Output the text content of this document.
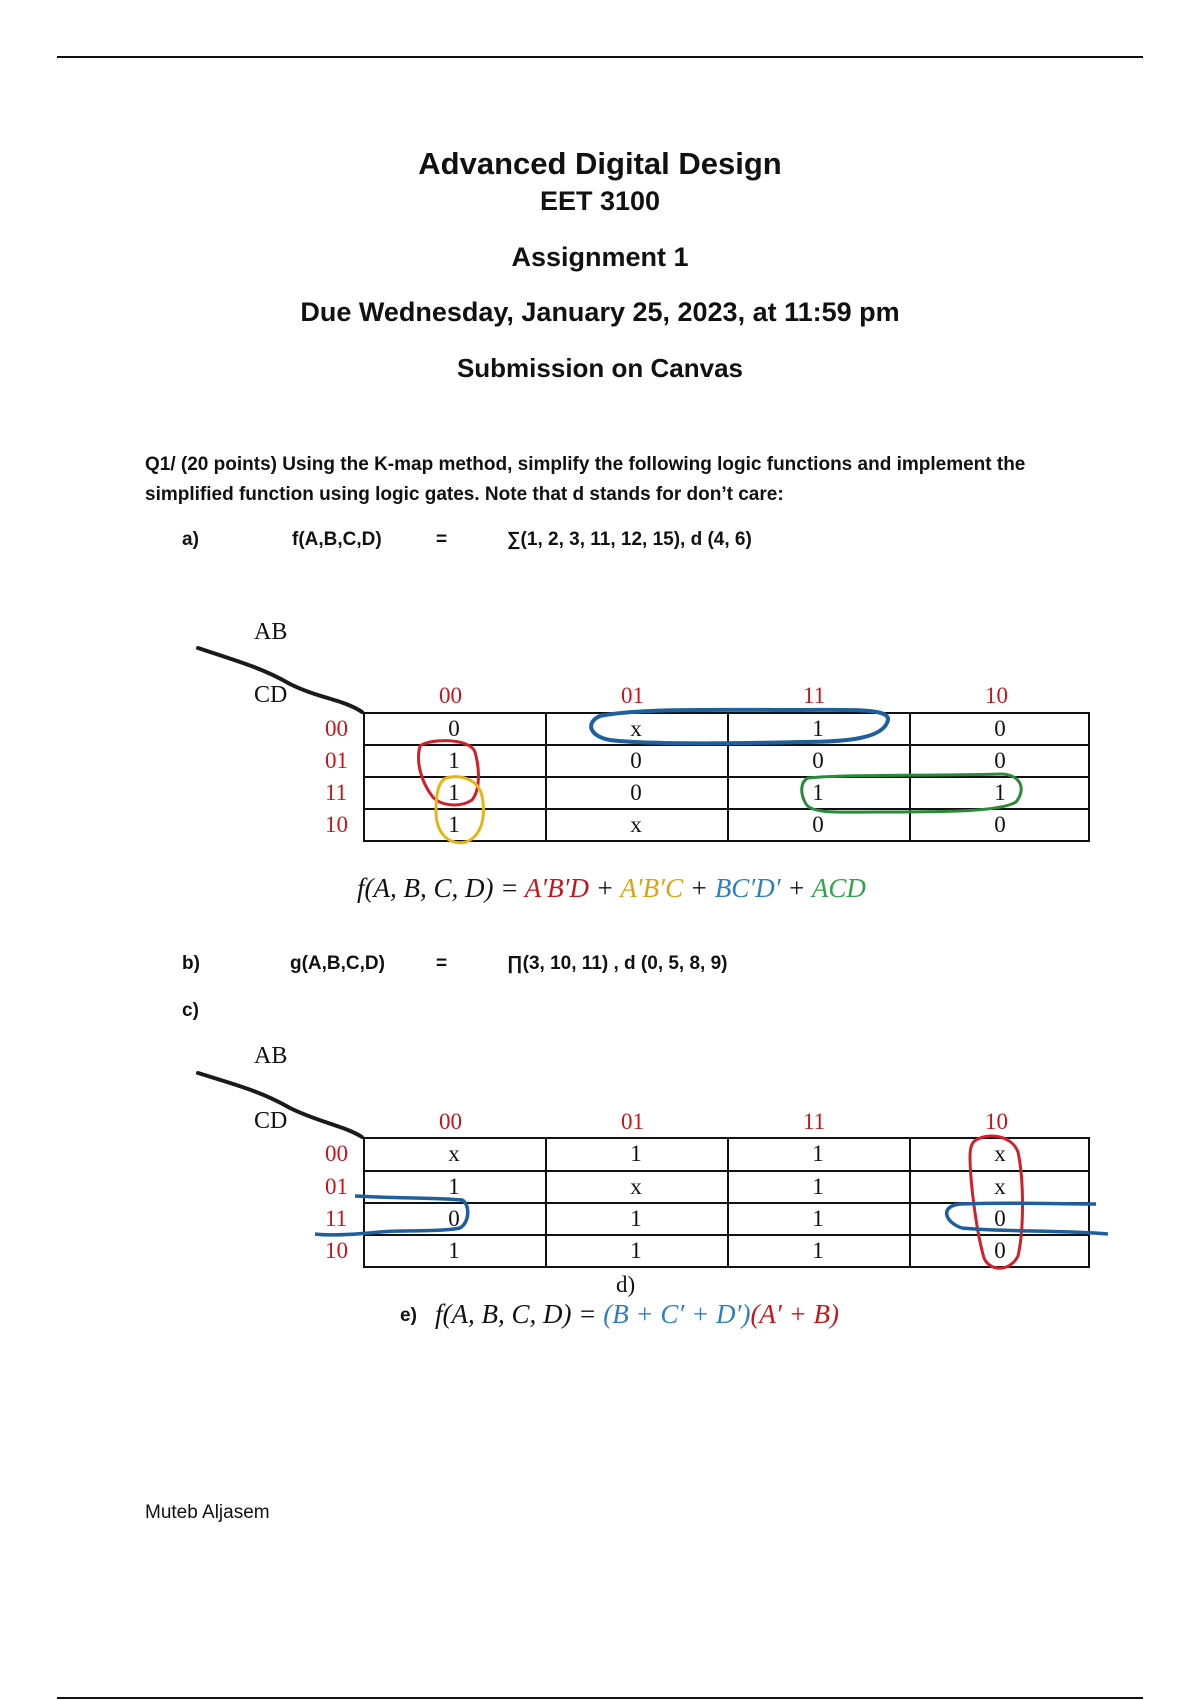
Advanced Digital Design
EET 3100
Assignment 1
Due Wednesday, January 25, 2023, at 11:59 pm
Submission on Canvas
Q1/ (20 points) Using the K-map method, simplify the following logic functions and implement the simplified function using logic gates. Note that d stands for don’t care:
a)	f(A,B,C,D)	=	∑(1, 2, 3, 11, 12, 15), d (4, 6)
AB
CD	00	01	11	10
00
01
11
10
0	x	1	0
1	0	0	0
1	0	1	1
1	x	0	0
f(A, B, C, D) = A′B′D + A′B′C + BC′D′ + ACD
b)	g(A,B,C,D)	=	∏(3, 10, 11) , d (0, 5, 8, 9)
c)
AB
CD	00	01	11	10
00
01
11
10
x	1	1	x
1	x	1	x
0	1	1	0
1	1	1	0
d)
e) f(A, B, C, D) = (B + C′ + D′)(A′ + B)
Muteb Aljasem
